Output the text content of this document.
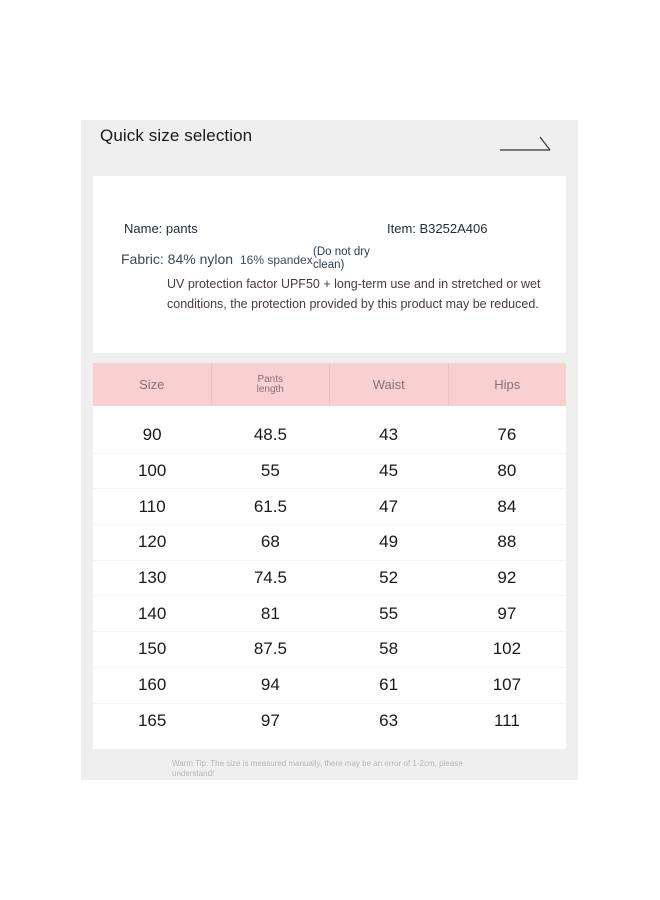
Quick size selection
Name: pants	Item: B3252A406
Fabric: 84% nylon 16% spandex
(Do not dry clean)
UV protection factor UPF50 + long-term use and in stretched or wet conditions, the protection provided by this product may be reduced.
Size	Pants length	Waist	Hips
90	48.5	43	76
100	55	45	80
110	61.5	47	84
120	68	49	88
130	74.5	52	92
140	81	55	97
150	87.5	58	102
160	94	61	107
165	97	63	111
Warm Tip: The size is measured manually, there may be an error of 1-2cm, please understand!
